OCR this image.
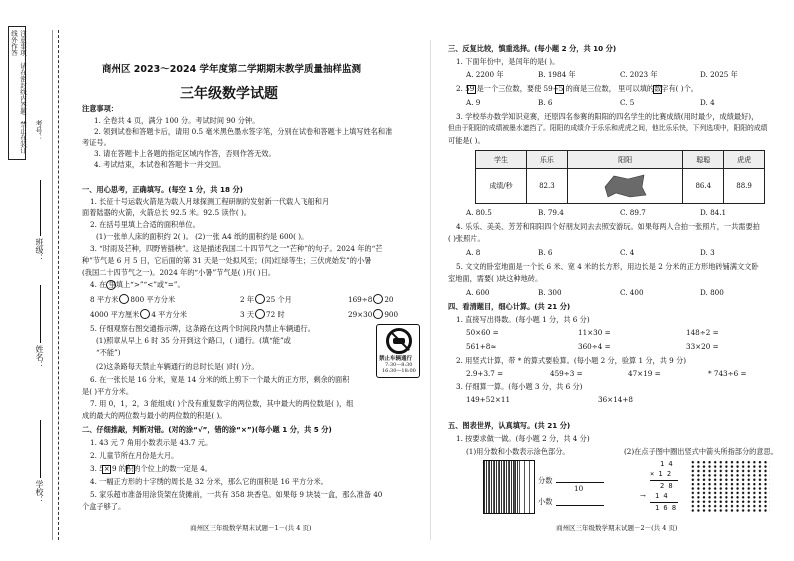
注意事项：请在密封线内答题，禁止在装订线外作答
学校：
姓名：
班级：
考号：
商州区 2023～2024 学年度第二学期期末教学质量抽样监测
三年级数学试题
注意事项：
1. 全卷共 4 页，满分 100 分。考试时间 90 分钟。
2. 领到试卷和答题卡后，请用 0.5 毫米黑色墨水签字笔，分别在试卷和答题卡上填写姓名和准
考证号。
3. 请在答题卡上各题的指定区域内作答，否则作答无效。
4. 考试结束，本试卷和答题卡一并交回。
一、用心思考，正确填写。(每空 1 分，共 18 分)
1. 长征十号运载火箭是为载人月球探测工程研制的发射新一代载人飞船和月
面着陆器的火箭，火箭总长 92.5 米。92.5 读作( )。
2. 在括号里填上合适的面积单位。
(1)一张单人床的面积约 2( )。 (2)一张 A4 纸的面积约是 600( )。
3. “时雨及芒种，四野皆插秧”。这是描述我国二十四节气之一“芒种”的句子。2024 年的“芒
种”节气是 6 月 5 日，它后面的第 31 天是一处拟风至；(闰)红绿等生；三伏虎始发”的小暑
(我国二十四节气之一)。2024 年的“小暑”节气是( )月( )日。
4. 在 里填上“>”“<”或“=”。
8 平方米 800 平方分米	2 年 25 个月	169÷8 20
4000 平方厘米 4 平方分米	3 天 72 时	29×30 900
5. 仔细观察右图交通指示牌，这条路在这两个时间段内禁止车辆通行。
(1)照章从早上 6 时 35 分开到这个路口，( )通行。(填“能”或
“不能”)
(2)这条路每天禁止车辆通行的总时长是( )时( )分。
6. 在一张长是 16 分米，宽是 14 分米的纸上剪下一个最大的正方形，剩余的面积
是( )平方分米。
7. 用 0，1，2，3 能组成( )个没有重复数字的两位数，其中最大的两位数是( )，组
成的最大的两位数与最小的两位数的积是( )。
禁止车辆通行
7:30—8:30
16:30—18:00
二、仔细推敲，判断对错。(对的涂“√”，错的涂“×”)(每小题 1 分，共 5 分)
1. 43 元 7 角用小数表示是 43.7 元。
2. 儿童节所在月份是大月。
3. 5× 9 的积的个位上的数一定是 4。
4. 一幅正方形的十字绣的周长是 32 分米，那么它的面积是 16 平方分米。
5. 家乐超市准备用涂货架在货摊前，一共有 358 块香皂。如果每 9 块装一盒，那么准备 40
个盒子够了。
商州区三年级数学期末试题－1－(共 4 页)
三、反复比较，慎重选择。(每小题 2 分，共 10 分)
1. 下面年份中，是闰年的是( )。
A. 2200 年	B. 1984 年	C. 2023 年	D. 2025 年
2. 59 是一个三位数，要使 59÷5 的商是三位数， 里可以填的数字有( )个。
A. 9	B. 6	C. 5	D. 4
3. 学校举办数学知识竞赛，还原四名参赛的阳阳的四名学生的比赛成绩(用时最少，成绩最好)，
但由于阳阳的成绩被墨水遮挡了。阳阳的成绩介于乐乐和虎虎之间，他比乐乐快，下列选项中，阳阳的成绩
可能是( )。
学生	乐乐	阳阳	聪聪	虎虎
成绩/秒	82.3		86.4	88.9
A. 80.5	B. 79.4	C. 89.7	D. 84.1
4. 乐乐、美美、芳芳和阳阳四个好朋友同去去照安游玩。如果每两人合拍一张照片，一共需要拍
( )张照片。
A. 8	B. 6	C. 4	D. 3
5. 文文的卧室地面是一个长 6 米、宽 4 米的长方形，用边长是 2 分米的正方形地砖铺满文文卧
室地面，需要( )块这种地砖。
A. 600	B. 300	C. 400	D. 800
四、看清题目，细心计算。(共 21 分)
1. 直接写出得数。(每小题 1 分，共 6 分)
50×60 =	11×30 =	148÷2 =
561+8≈	360÷4 =	33×20 =
2. 用竖式计算，带 * 的算式要验算。(每小题 2 分，验算 1 分，共 9 分)
2.9+3.7 =	459÷3 =	47×19 =	* 743÷6 =
3. 仔细算一算。(每小题 3 分，共 6 分)
149+52×11	36×14+8
五、图表世界，认真填写。(共 21 分)
1. 按要求做一做。(每小题 2 分，共 4 分)
(1)用分数和小数表示涂色部分。	(2)在点子图中圈出竖式中箭头所指部分的意思。
分数
10
小数
1 4
× 1 2
2 8
1 4
1 6 8
→
商州区三年级数学期末试题－2－(共 4 页)
